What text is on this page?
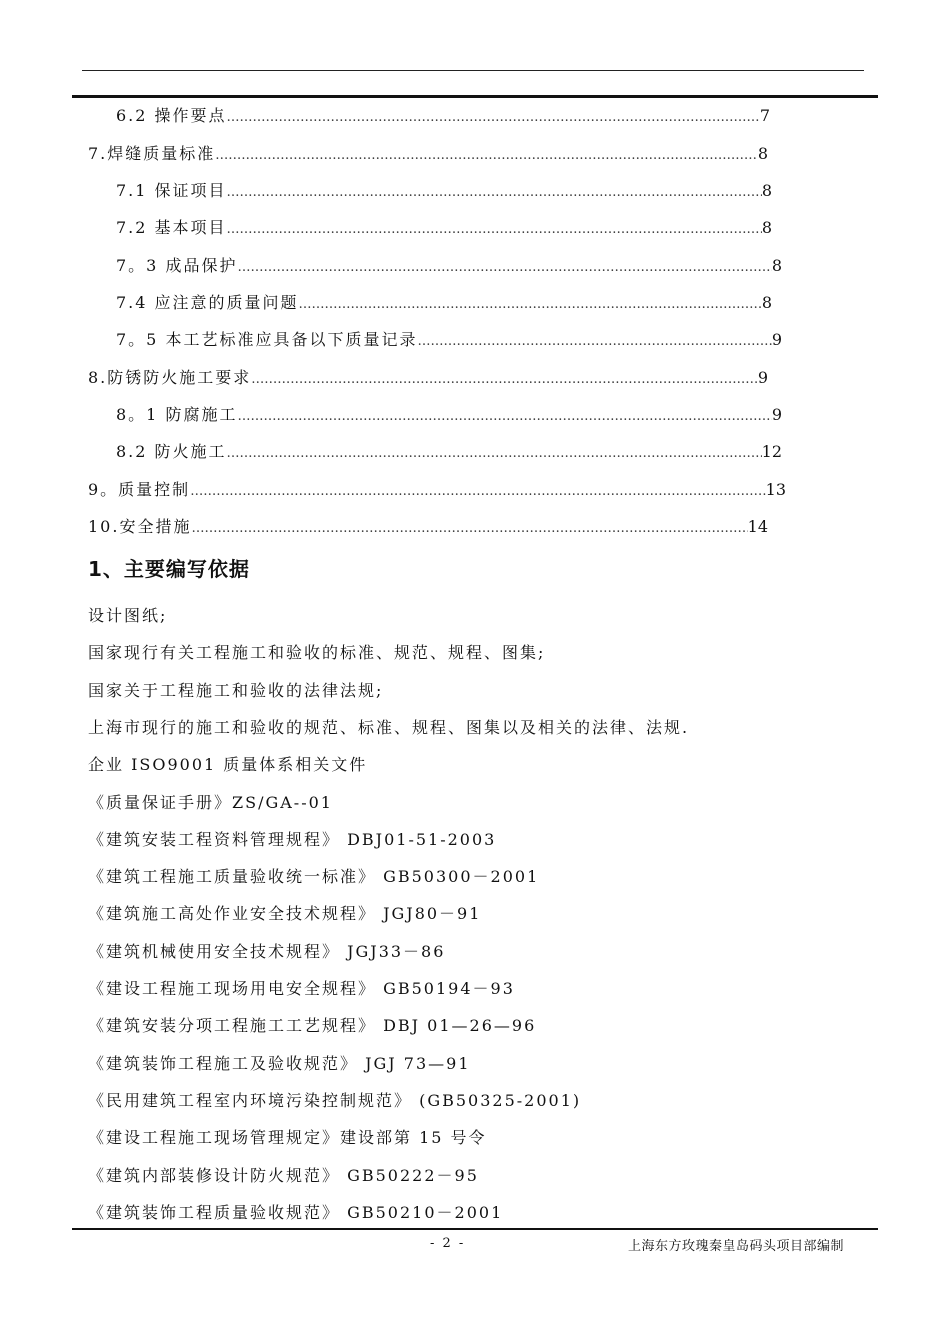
6.2 操作要点 …………………………………………………………………………………………………………………………………………………………………………………………………………	7
7.焊缝质量标准 …………………………………………………………………………………………………………………………………………………………………………………………………………	8
7.1 保证项目 …………………………………………………………………………………………………………………………………………………………………………………………………………	8
7.2 基本项目 …………………………………………………………………………………………………………………………………………………………………………………………………………	8
7。3 成品保护 …………………………………………………………………………………………………………………………………………………………………………………………………………	8
7.4 应注意的质量问题 …………………………………………………………………………………………………………………………………………………………………………………………………………	8
7。5 本工艺标准应具备以下质量记录 …………………………………………………………………………………………………………………………………………………………………………………………………………	9
8.防锈防火施工要求 …………………………………………………………………………………………………………………………………………………………………………………………………………	9
8。1 防腐施工 …………………………………………………………………………………………………………………………………………………………………………………………………………	9
8.2 防火施工 …………………………………………………………………………………………………………………………………………………………………………………………………………	12
9。质量控制 …………………………………………………………………………………………………………………………………………………………………………………………………………	13
10.安全措施 …………………………………………………………………………………………………………………………………………………………………………………………………………	14
1、主要编写依据
设计图纸;
国家现行有关工程施工和验收的标准、规范、规程、图集;
国家关于工程施工和验收的法律法规;
上海市现行的施工和验收的规范、标准、规程、图集以及相关的法律、法规.
企业 ISO9001 质量体系相关文件
《质量保证手册》ZS/GA--01
《建筑安装工程资料管理规程》 DBJ01-51-2003
《建筑工程施工质量验收统一标准》 GB50300－2001
《建筑施工高处作业安全技术规程》 JGJ80－91
《建筑机械使用安全技术规程》 JGJ33－86
《建设工程施工现场用电安全规程》 GB50194－93
《建筑安装分项工程施工工艺规程》 DBJ 01—26—96
《建筑装饰工程施工及验收规范》 JGJ 73—91
《民用建筑工程室内环境污染控制规范》 (GB50325-2001)
《建设工程施工现场管理规定》建设部第 15 号令
《建筑内部装修设计防火规范》 GB50222－95
《建筑装饰工程质量验收规范》 GB50210－2001
- 2 -	上海东方玫瑰秦皇岛码头项目部编制
